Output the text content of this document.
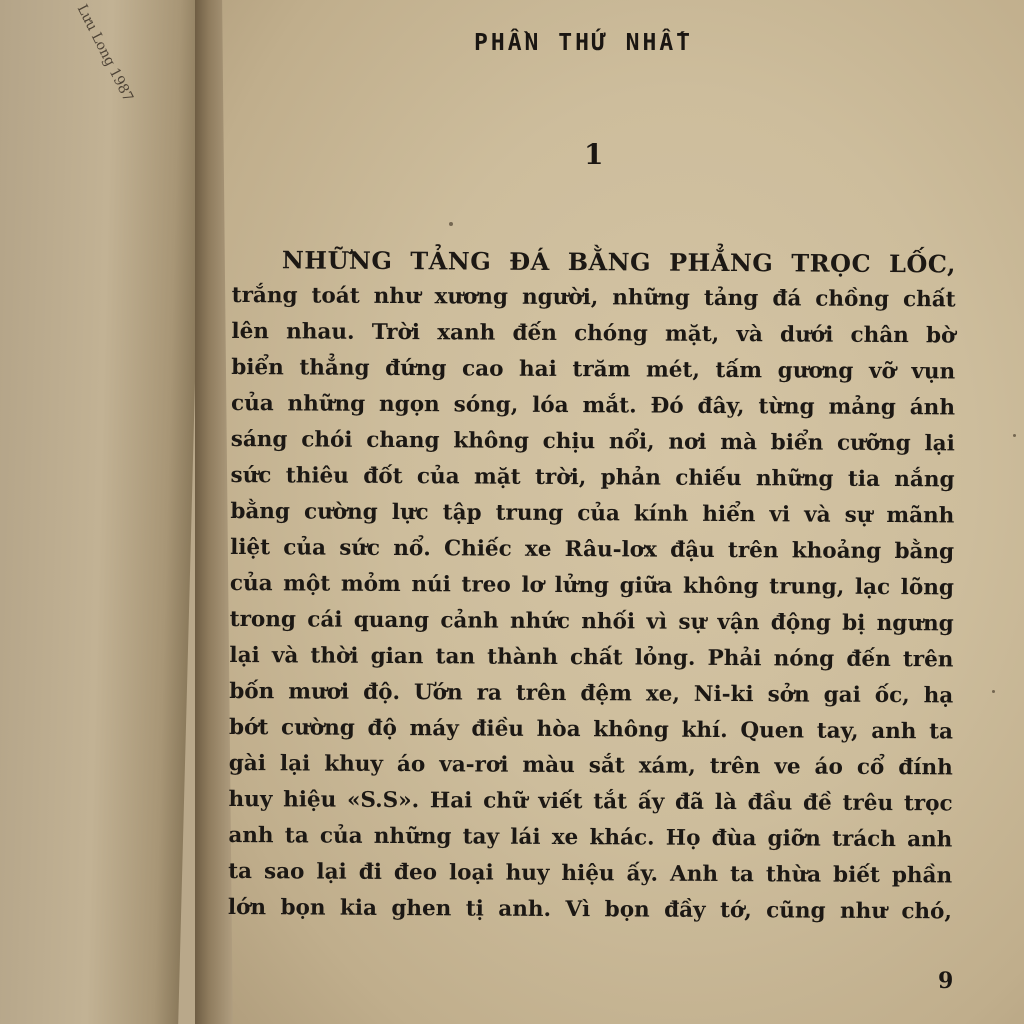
Lưu Long 1987	PHẦN THỨ NHẤT
1
NHỮNG TẢNG ĐÁ BẰNG PHẲNG TRỌC LỐC,
trắng toát như xương người, những tảng đá chồng chất
lên nhau. Trời xanh đến chóng mặt, và dưới chân bờ
biển thẳng đứng cao hai trăm mét, tấm gương vỡ vụn
của những ngọn sóng, lóa mắt. Đó đây, từng mảng ánh
sáng chói chang không chịu nổi, nơi mà biển cưỡng lại
sức thiêu đốt của mặt trời, phản chiếu những tia nắng
bằng cường lực tập trung của kính hiển vi và sự mãnh
liệt của sức nổ. Chiếc xe Râu-lơx đậu trên khoảng bằng
của một mỏm núi treo lơ lửng giữa không trung, lạc lõng
trong cái quang cảnh nhức nhối vì sự vận động bị ngưng
lại và thời gian tan thành chất lỏng. Phải nóng đến trên
bốn mươi độ. Ướn ra trên đệm xe, Ni-ki sởn gai ốc, hạ
bớt cường độ máy điều hòa không khí. Quen tay, anh ta
gài lại khuy áo va-rơi màu sắt xám, trên ve áo cổ đính
huy hiệu «S.S». Hai chữ viết tắt ấy đã là đầu đề trêu trọc
anh ta của những tay lái xe khác. Họ đùa giỡn trách anh
ta sao lại đi đeo loại huy hiệu ấy. Anh ta thừa biết phần
lớn bọn kia ghen tị anh. Vì bọn đầy tớ, cũng như chó,
9
